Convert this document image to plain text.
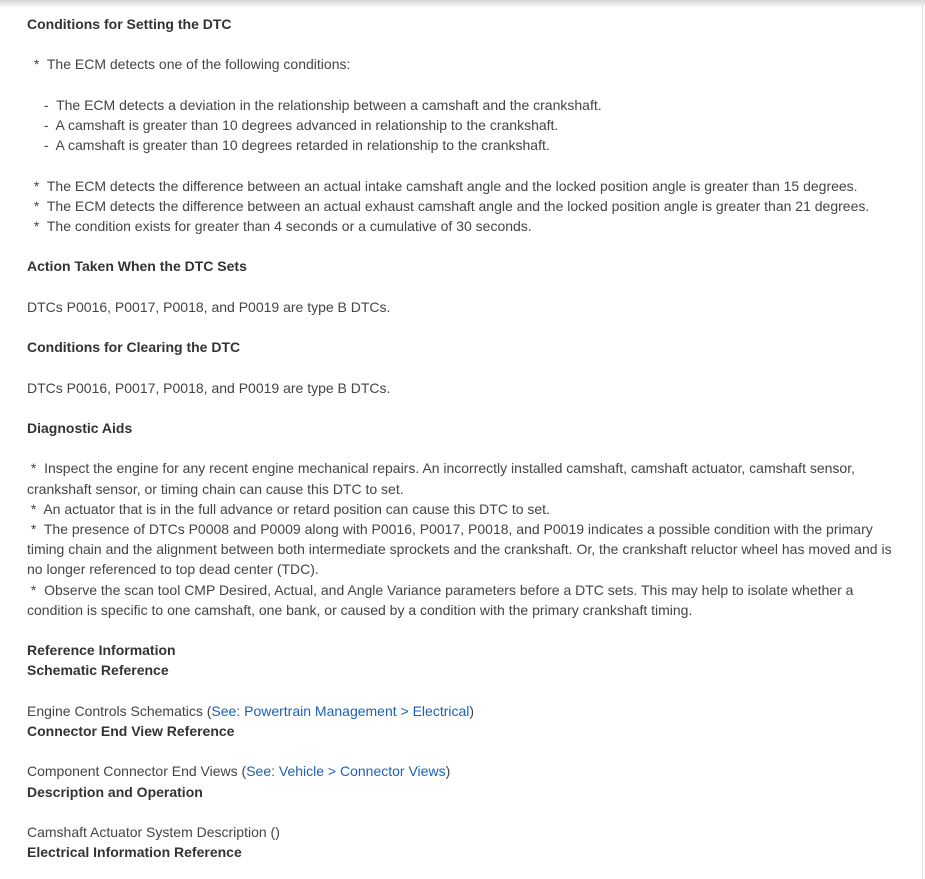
Conditions for Setting the DTC
*  The ECM detects one of the following conditions:
-  The ECM detects a deviation in the relationship between a camshaft and the crankshaft.
-  A camshaft is greater than 10 degrees advanced in relationship to the crankshaft.
-  A camshaft is greater than 10 degrees retarded in relationship to the crankshaft.
*  The ECM detects the difference between an actual intake camshaft angle and the locked position angle is greater than 15 degrees.
*  The ECM detects the difference between an actual exhaust camshaft angle and the locked position angle is greater than 21 degrees.
*  The condition exists for greater than 4 seconds or a cumulative of 30 seconds.
Action Taken When the DTC Sets
DTCs P0016, P0017, P0018, and P0019 are type B DTCs.
Conditions for Clearing the DTC
DTCs P0016, P0017, P0018, and P0019 are type B DTCs.
Diagnostic Aids
*  Inspect the engine for any recent engine mechanical repairs. An incorrectly installed camshaft, camshaft actuator, camshaft sensor, crankshaft sensor, or timing chain can cause this DTC to set.
*  An actuator that is in the full advance or retard position can cause this DTC to set.
*  The presence of DTCs P0008 and P0009 along with P0016, P0017, P0018, and P0019 indicates a possible condition with the primary timing chain and the alignment between both intermediate sprockets and the crankshaft. Or, the crankshaft reluctor wheel has moved and is no longer referenced to top dead center (TDC).
*  Observe the scan tool CMP Desired, Actual, and Angle Variance parameters before a DTC sets. This may help to isolate whether a condition is specific to one camshaft, one bank, or caused by a condition with the primary crankshaft timing.
Reference Information
Schematic Reference
Engine Controls Schematics (See: Powertrain Management > Electrical)
Connector End View Reference
Component Connector End Views (See: Vehicle > Connector Views)
Description and Operation
Camshaft Actuator System Description ()
Electrical Information Reference
